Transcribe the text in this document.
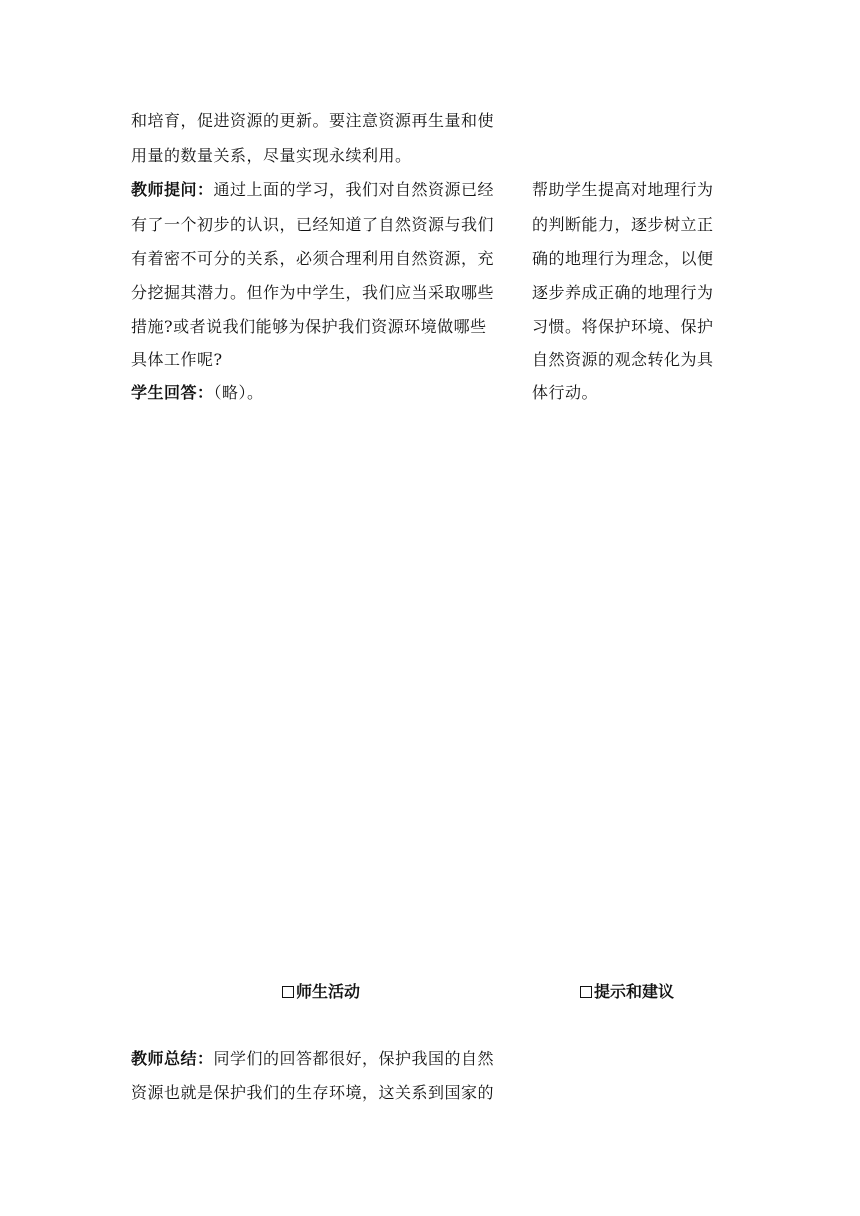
和培育，促进资源的更新。要注意资源再生量和使
用量的数量关系，尽量实现永续利用。
教师提问：通过上面的学习，我们对自然资源已经
有了一个初步的认识，已经知道了自然资源与我们
有着密不可分的关系，必须合理利用自然资源，充
分挖掘其潜力。但作为中学生，我们应当采取哪些
措施?或者说我们能够为保护我们资源环境做哪些
具体工作呢?
学生回答：（略）。
帮助学生提高对地理行为
的判断能力，逐步树立正
确的地理行为理念，以便
逐步养成正确的地理行为
习惯。将保护环境、保护
自然资源的观念转化为具
体行动。
师生活动	提示和建议
教师总结：同学们的回答都很好，保护我国的自然
资源也就是保护我们的生存环境，这关系到国家的
